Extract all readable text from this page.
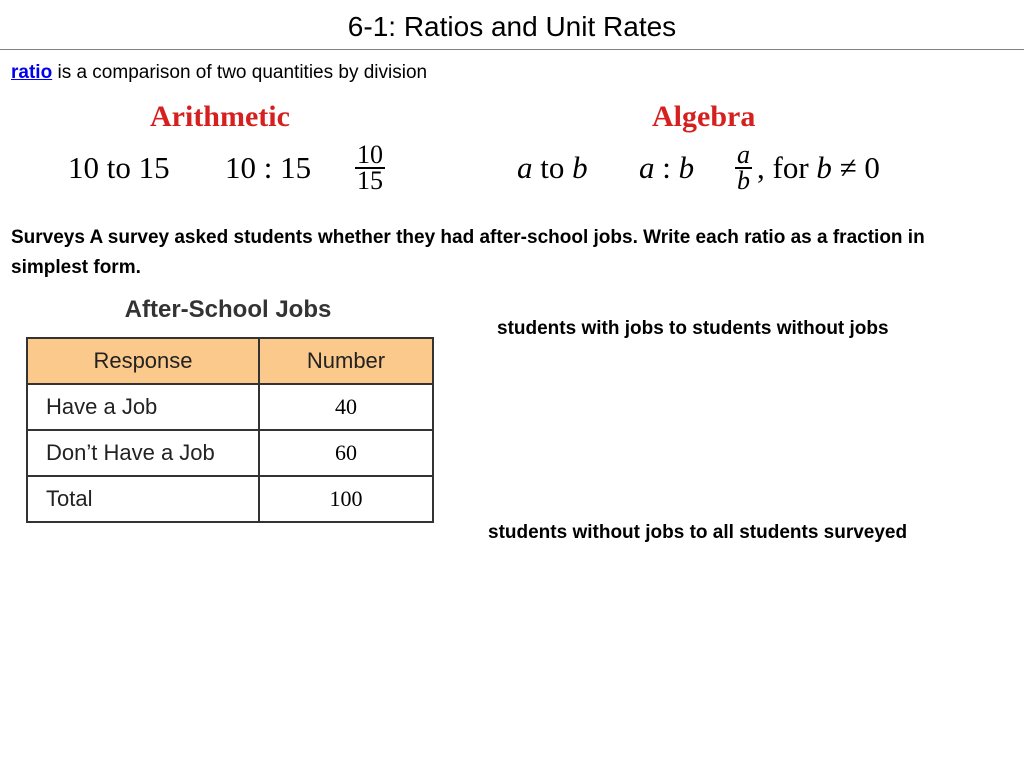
6-1: Ratios and Unit Rates
ratio is a comparison of two quantities by division
Arithmetic
10 to 15 10 : $15 \frac{10}{15}$
Algebra
a to b a : b , for b ≠ 0
$\frac{a}{b}$
Surveys A survey asked students whether they had after-school jobs. Write each ratio as a fraction in simplest form.
After-School Jobs
Response	Number
Have a Job	40
Don’t Have a Job	60
Total	100
students with jobs to students without jobs
students without jobs to all students surveyed
